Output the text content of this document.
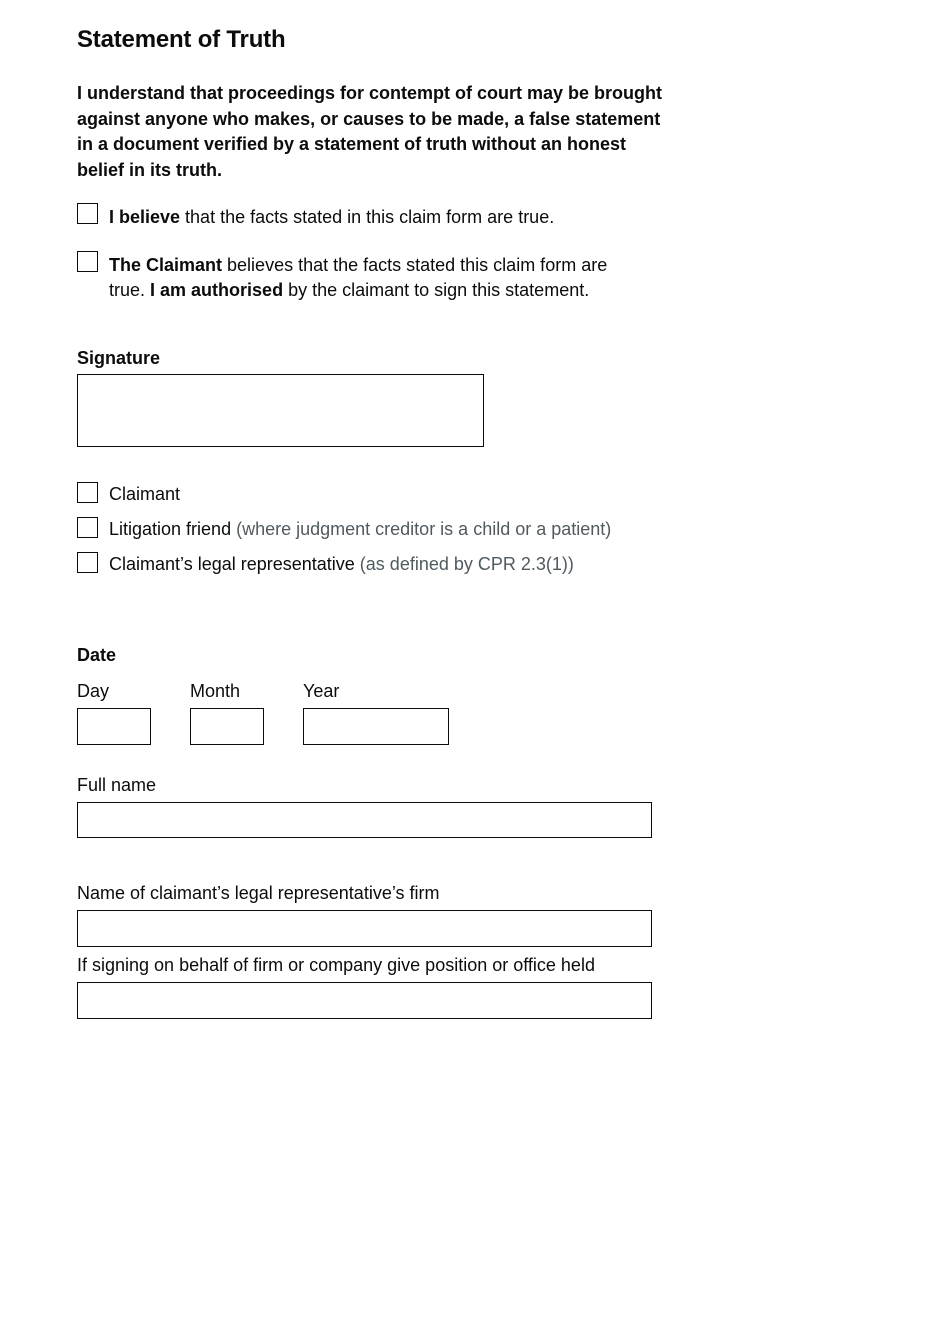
Statement of Truth

I understand that proceedings for contempt of court may be brought against anyone who makes, or causes to be made, a false statement in a document verified by a statement of truth without an honest belief in its truth.

I believe that the facts stated in this claim form are true.
The Claimant believes that the facts stated this claim form are
true. I am authorised by the claimant to sign this statement.
Signature
Claimant
Litigation friend (where judgment creditor is a child or a patient)
Claimant’s legal representative (as defined by CPR 2.3(1))
Date
Day	Month	Year
Full name
Name of claimant’s legal representative’s firm
If signing on behalf of firm or company give position or office held
